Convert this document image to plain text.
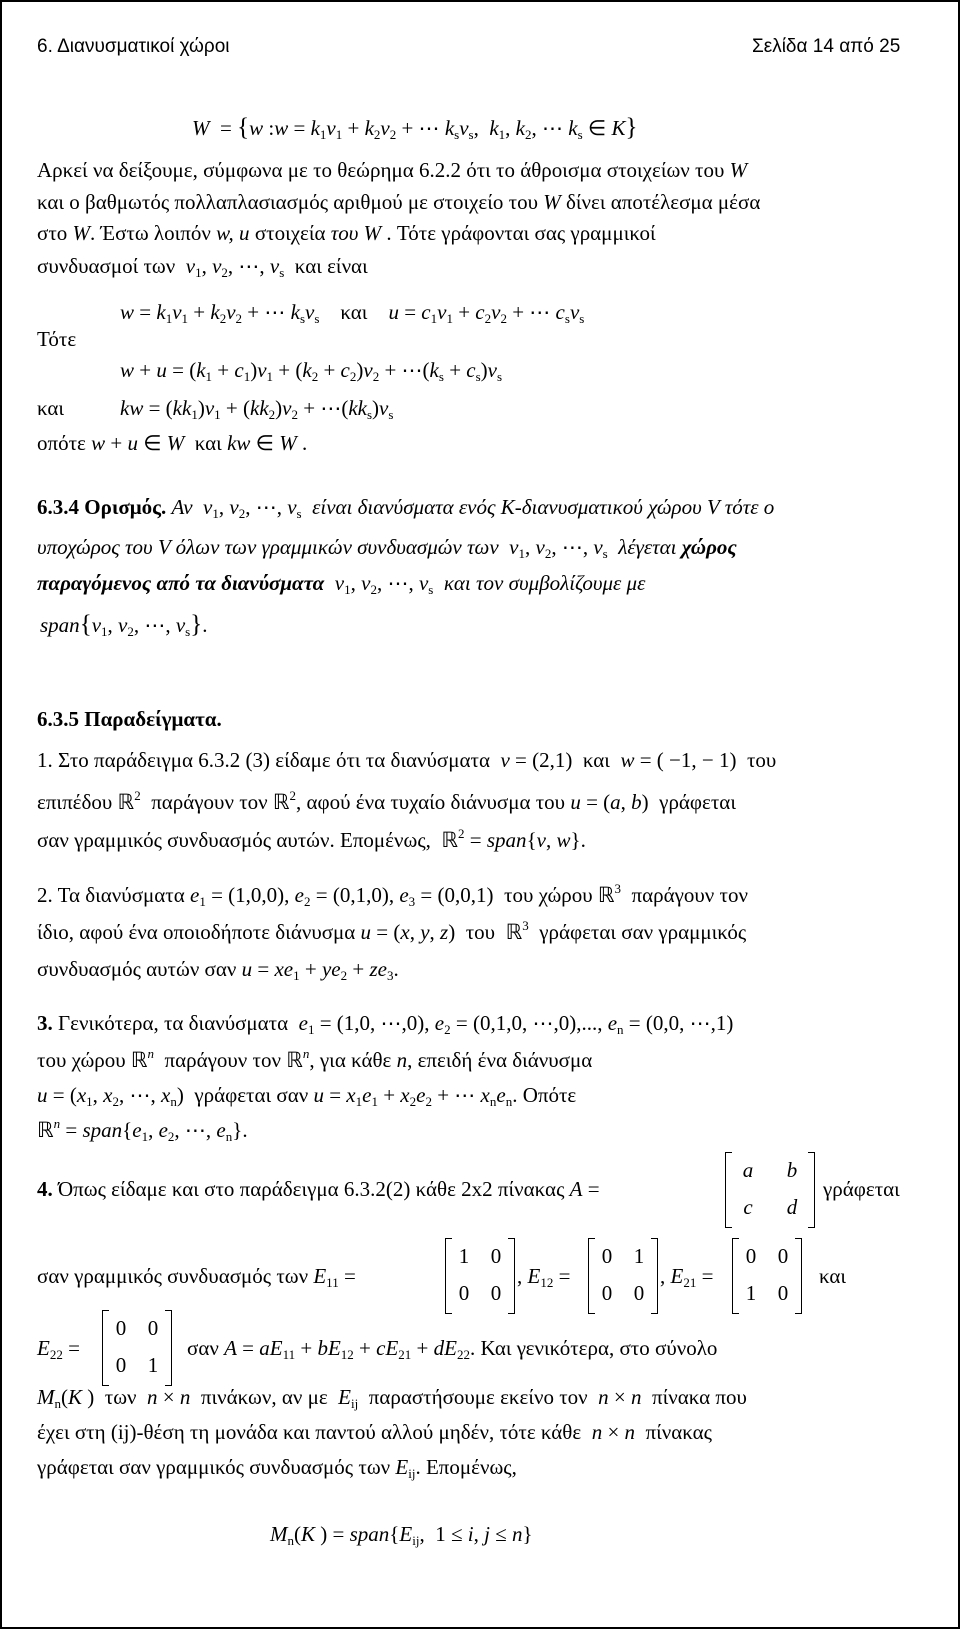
6. Διανυσματικοί χώροι	Σελίδα 14 από 25
W  = {w :w = $k_1v_1 + k_2v_2$ + ⋯ $k_sv_s$,  $k_1$, $k_2$, ⋯ $k_s$ ∈ K}
Αρκεί να δείξουμε, σύμφωνα με το θεώρημα 6.2.2 ότι το άθροισμα στοιχείων του W
και ο βαθμωτός πολλαπλασιασμός αριθμού με στοιχείο του W δίνει αποτέλεσμα μέσα
στο W. Έστω λοιπόν w, u στοιχεία του W . Τότε γράφονται σας γραμμικοί
συνδυασμοί των $v_1$, $v_2$, ⋯, $v_s$ και είναι
$w = k_1v_1 + k_2v_2$ + ⋯ $k_sv_s$ και $u = c_1v_1 + c_2v_2$ + ⋯ $c_sv_s$
Τότε
$w + u = (k_1 + c_1)v_1 + (k_2 + c_2)v_2$ + $\cdots(k_s + c_s)v_s$
και	kw = $(kk_1)v_1 + (kk_2)v_2$ + $\cdots(kk_s)v_s$
οπότε w + u ∈ W και kw ∈ W .
6.3.4 Ορισμός. Αν $v_1$, $v_2$, ⋯, $v_s$ είναι διανύσματα ενός K-διανυσματικού χώρου V τότε ο
υποχώρος του V όλων των γραμμικών συνδυασμών των $v_1$, $v_2$, ⋯, $v_s$ λέγεται χώρος
παραγόμενος από τα διανύσματα $v_1$, $v_2$, ⋯, $v_s$ και τον συμβολίζουμε με
$span\{v_1$, $v_2$, ⋯, $v_s$}.
6.3.5 Παραδείγματα.
1. Στο παράδειγμα 6.3.2 (3) είδαμε ότι τα διανύσματα v = (2,1)  και w = ( −1, − 1)  του
επιπέδου ℝ$^2$ παράγουν τον ℝ$^2$, αφού ένα τυχαίο διάνυσμα του u = (a, b)  γράφεται
σαν γραμμικός συνδυασμός αυτών. Επομένως, ℝ$^2$ = span{v, w}.
2. Τα διανύσματα $e_1 = (1,0,0)$, $e_2 = (0,1,0)$, $e_3 = (0,0,1)$  του χώρου ℝ$^3$ παράγουν τον
ίδιο, αφού ένα οποιοδήποτε διάνυσμα u = (x, y, z)  του ℝ$^3$ γράφεται σαν γραμμικός
συνδυασμός αυτών σαν $u = xe_1 + ye_2 + ze_3$.
3. Γενικότερα, τα διανύσματα $e_1 = (1,0$, ⋯,0), $e_2 = (0,1,0$, ⋯,0),..., $e_n = (0,0$, ⋯,1)
του χώρου ℝ$^n$ παράγουν τον ℝ$^n$, για κάθε n, επειδή ένα διάνυσμα
$u = (x_1$, $x_2$, ⋯, $x_n$)  γράφεται σαν $u = x_1e_1 + x_2e_2$ + ⋯ $x_ne_n$. Οπότε
ℝ$^n$ = $span\{e_1$, $e_2$, ⋯, $e_n$}.
4. Όπως είδαμε και στο παράδειγμα 6.3.2(2) κάθε 2x2 πίνακας A =
a	b
c	d
γράφεται
σαν γραμμικός συνδυασμός των $E_{11}$ =
1	0
0	0
, $E_{12}$ =
0	1
0	0
, $E_{21}$ =
0	0
1	0
και
$E_{22}$ =
0	0
0	1
σαν $A = aE_{11} + bE_{12} + cE_{21} + dE_{22}$. Και γενικότερα, στο σύνολο
$M_n(K$ )  των n × n πινάκων, αν με $E_{ij}$ παραστήσουμε εκείνο τον n × n πίνακα που
έχει στη (ij)-θέση τη μονάδα και παντού αλλού μηδέν, τότε κάθε n × n πίνακας
γράφεται σαν γραμμικός συνδυασμός των $E_{ij}$. Επομένως,
$M_n(K$ ) = $span\{E_{ij}$,  1 ≤ i, j ≤ n}
